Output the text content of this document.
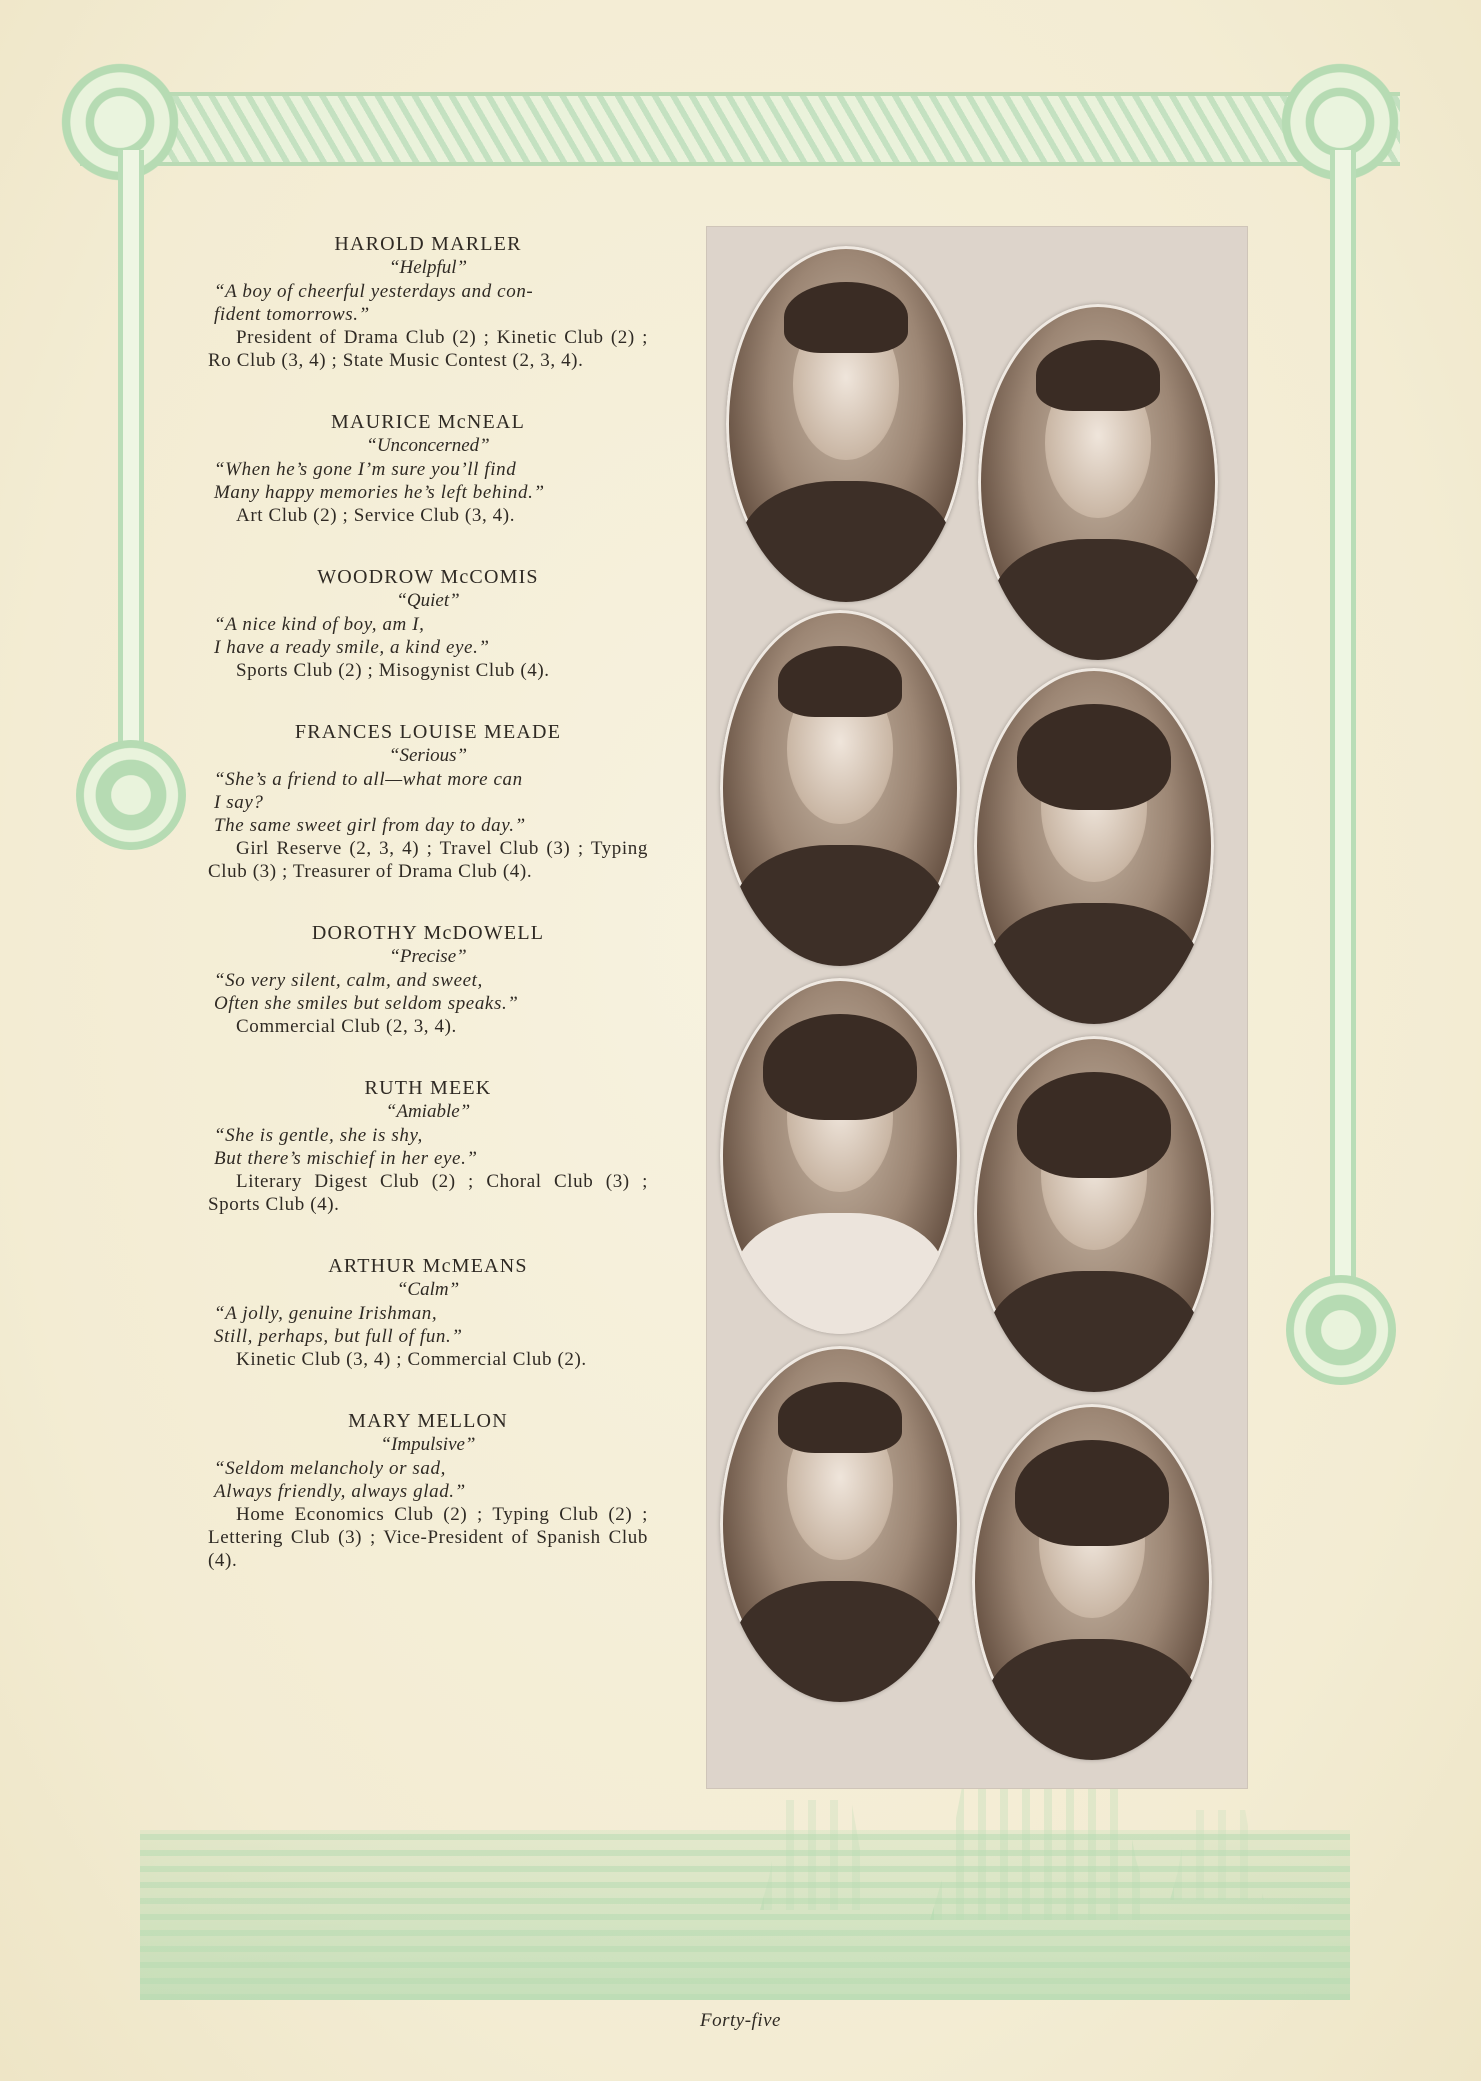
HAROLD MARLER

“Helpful”

“A boy of cheerful yesterdays and con-
fident tomorrows.”

President of Drama Club (2) ; Kinetic Club (2) ; Ro Club (3, 4) ; State Music Contest (2, 3, 4).

MAURICE McNEAL

“Unconcerned”

“When he’s gone I’m sure you’ll find
Many happy memories he’s left behind.”

Art Club (2) ; Service Club (3, 4).

WOODROW McCOMIS

“Quiet”

“A nice kind of boy, am I,
I have a ready smile, a kind eye.”

Sports Club (2) ; Misogynist Club (4).

FRANCES LOUISE MEADE

“Serious”

“She’s a friend to all—what more can
I say?
The same sweet girl from day to day.”

Girl Reserve (2, 3, 4) ; Travel Club (3) ; Typing Club (3) ; Treasurer of Drama Club (4).

DOROTHY McDOWELL

“Precise”

“So very silent, calm, and sweet,
Often she smiles but seldom speaks.”

Commercial Club (2, 3, 4).

RUTH MEEK

“Amiable”

“She is gentle, she is shy,
But there’s mischief in her eye.”

Literary Digest Club (2) ; Choral Club (3) ; Sports Club (4).

ARTHUR McMEANS

“Calm”

“A jolly, genuine Irishman,
Still, perhaps, but full of fun.”

Kinetic Club (3, 4) ; Commercial Club (2).

MARY MELLON

“Impulsive”

“Seldom melancholy or sad,
Always friendly, always glad.”

Home Economics Club (2) ; Typing Club (2) ; Lettering Club (3) ; Vice-President of Spanish Club (4).

Forty-five
